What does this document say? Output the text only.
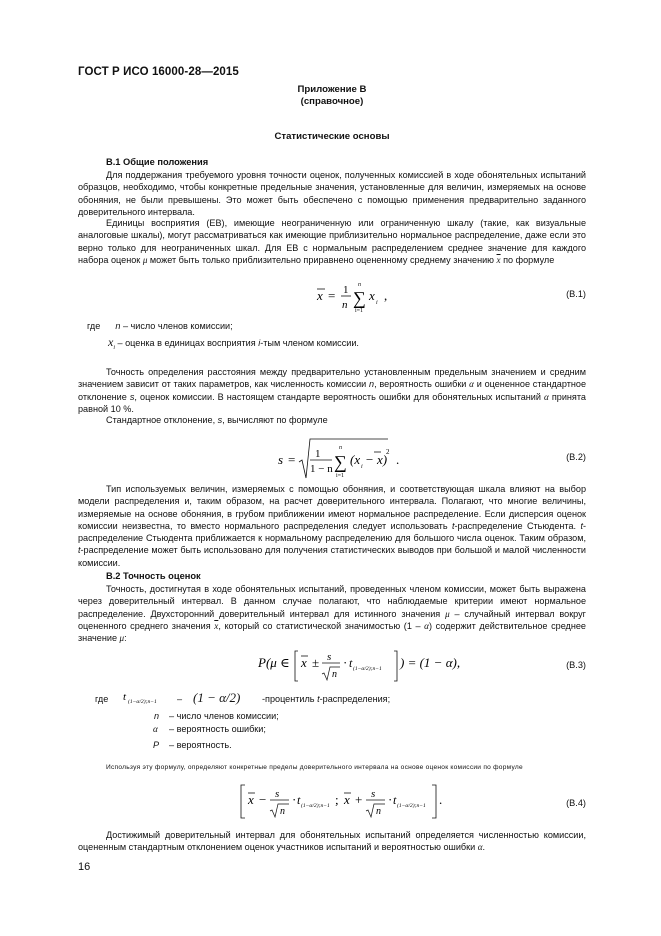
ГОСТ Р ИСО 16000-28—2015
Приложение В
(справочное)
Статистические основы
В.1 Общие положения
Для поддержания требуемого уровня точности оценок, полученных комиссией в ходе обонятельных испытаний образцов, необходимо, чтобы конкретные предельные значения, установленные для величин, измеряемых на основе обоняния, не были превышены. Это может быть обеспечено с помощью применения предварительно заданного доверительного интервала.
Единицы восприятия (ЕВ), имеющие неограниченную или ограниченную шкалу (такие, как визуальные аналоговые шкалы), могут рассматриваться как имеющие приблизительно нормальное распределение, даже если это верно только для неограниченных шкал. Для ЕВ с нормальным распределением среднее значение для каждого набора оценок μ может быть только приблизительно приравнено оцененному среднему значению $\overline{x}$ по формуле
x = 1
n ∑
n
i=1
x i ,	(В.1)
где n – число членов комиссии;
$x_i$ – оценка в единицах восприятия i-тым членом комиссии.
Точность определения расстояния между предварительно установленным предельным значением и средним значением зависит от таких параметров, как численность комиссии n, вероятность ошибки α и оцененное стандартное отклонение s, оценок комиссии. В настоящем стандарте вероятность ошибки для обонятельных испытаний α принята равной 10 %.
Стандартное отклонение, s, вычисляют по формуле
s = 1
1 − n ∑
n
i=1
(x i − x)
2 .	(В.2)
Тип используемых величин, измеряемых с помощью обоняния, и соответствующая шкала влияют на выбор модели распределения и, таким образом, на расчет доверительного интервала. Полагают, что многие величины, измеряемые на основе обоняния, в грубом приближении имеют нормальное распределение. Если дисперсия оценок комиссии неизвестна, то вместо нормального распределения следует использовать t-распределение Стьюдента. t-распределение Стьюдента приближается к нормальному распределению для большого числа оценок. Таким образом, t-распределение может быть использовано для получения статистических выводов при большой и малой численности комиссии.
В.2 Точность оценок
Точность, достигнутая в ходе обонятельных испытаний, проведенных членом комиссии, может быть выражена через доверительный интервал. В данном случае полагают, что наблюдаемые критерии имеют нормальное распределение. Двухсторонний доверительный интервал для истинного значения μ – случайный интервал вокруг оцененного среднего значения $\overline{x}$, который со статистической значимостью (1 – α) содержит действительное среднее значение μ:
P(μ ∈ x ± s
n
· t (1−α/2);n−1 ) = (1 − α),	(В.3)
где t (1−α/2);n−1 – (1 − α/2) -процентиль t-распределения;
n – число членов комиссии;
α – вероятность ошибки;
P – вероятность.
Используя эту формулу, определяют конкретные пределы доверительного интервала на основе оценок комиссии по формуле
x − s
n
· t (1−α/2);n−1 ; x + s
n
· t (1−α/2);n−1 .	(В.4)
Достижимый доверительный интервал для обонятельных испытаний определяется численностью комиссии, оцененным стандартным отклонением оценок участников испытаний и вероятностью ошибки α.
16
